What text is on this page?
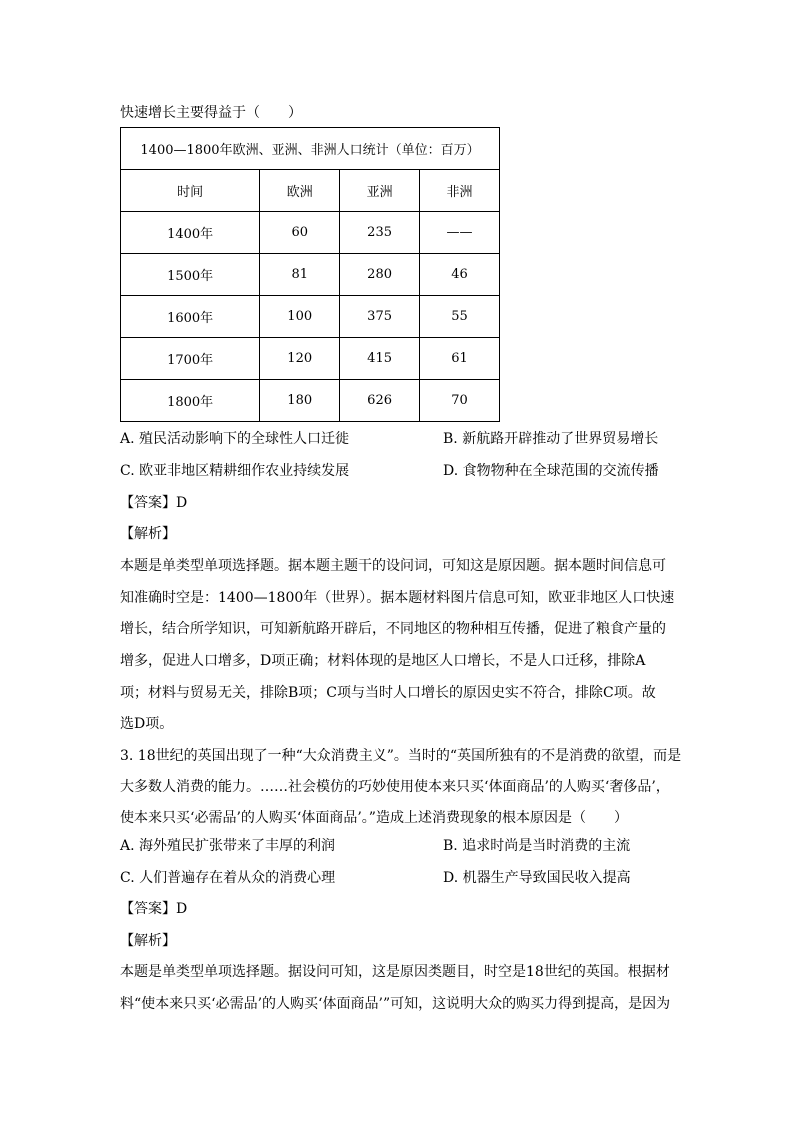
快速增长主要得益于（　　）
1400—1800年欧洲、亚洲、非洲人口统计（单位：百万）			
时间	欧洲	亚洲	非洲
1400年	60	235	——
1500年	81	280	46
1600年	100	375	55
1700年	120	415	61
1800年	180	626	70
A. 殖民活动影响下的全球性人口迁徙	B. 新航路开辟推动了世界贸易增长
C. 欧亚非地区精耕细作农业持续发展	D. 食物物种在全球范围的交流传播
【答案】D
【解析】
本题是单类型单项选择题。据本题主题干的设问词，可知这是原因题。据本题时间信息可
知准确时空是：1400—1800年（世界）。据本题材料图片信息可知，欧亚非地区人口快速
增长，结合所学知识，可知新航路开辟后，不同地区的物种相互传播，促进了粮食产量的
增多，促进人口增多，D项正确；材料体现的是地区人口增长，不是人口迁移，排除A
项；材料与贸易无关，排除B项；C项与当时人口增长的原因史实不符合，排除C项。故
选D项。
3. 18世纪的英国出现了一种“大众消费主义”。当时的“英国所独有的不是消费的欲望，而是
大多数人消费的能力。……社会模仿的巧妙使用使本来只买‘体面商品’的人购买‘奢侈品’，
使本来只买‘必需品’的人购买‘体面商品’。”造成上述消费现象的根本原因是（　　）
A. 海外殖民扩张带来了丰厚的利润	B. 追求时尚是当时消费的主流
C. 人们普遍存在着从众的消费心理	D. 机器生产导致国民收入提高
【答案】D
【解析】
本题是单类型单项选择题。据设问可知，这是原因类题目，时空是18世纪的英国。根据材
料“使本来只买‘必需品’的人购买‘体面商品’”可知，这说明大众的购买力得到提高，是因为
